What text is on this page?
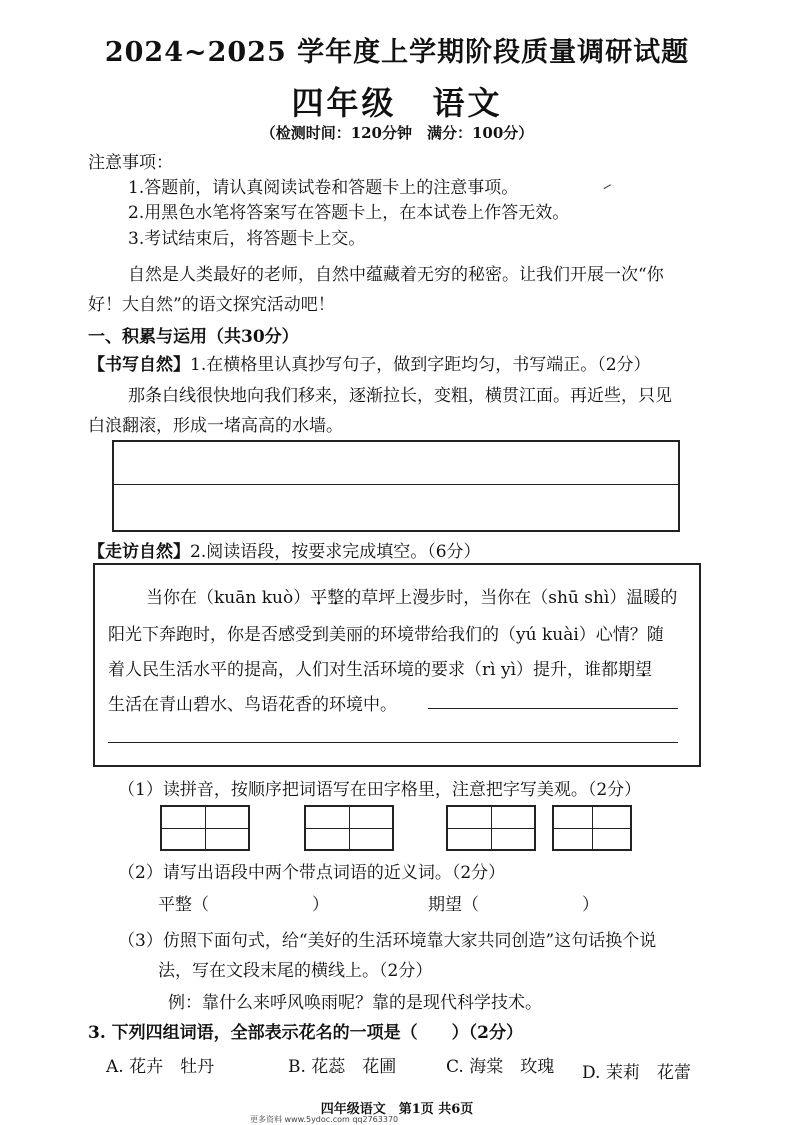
2024~2025 学年度上学期阶段质量调研试题
四年级 语文
（检测时间：120分钟　满分：100分）
注意事项：
1.答题前，请认真阅读试卷和答题卡上的注意事项。
2.用黑色水笔将答案写在答题卡上，在本试卷上作答无效。
3.考试结束后，将答题卡上交。
自然是人类最好的老师，自然中蕴藏着无穷的秘密。让我们开展一次“你
好！大自然”的语文探究活动吧！
一、积累与运用（共30分）
【书写自然】1.在横格里认真抄写句子，做到字距均匀，书写端正。（2分）
那条白线很快地向我们移来，逐渐拉长，变粗，横贯江面。再近些，只见
白浪翻滚，形成一堵高高的水墙。
【走访自然】2.阅读语段，按要求完成填空。（6分）
当你在（kuān kuò）平整的草坪上漫步时，当你在（shū shì）温暖的
阳光下奔跑时，你是否感受到美丽的环境带给我们的（yú kuài）心情？随
着人民生活水平的提高，人们对生活环境的要求（rì yì）提升，谁都期望
生活在青山碧水、鸟语花香的环境中。
（1）读拼音，按顺序把词语写在田字格里，注意把字写美观。（2分）
（2）请写出语段中两个带点词语的近义词。（2分）
平整（	）	期望（	）
（3）仿照下面句式，给“美好的生活环境靠大家共同创造”这句话换个说
法，写在文段末尾的横线上。（2分）
例：靠什么来呼风唤雨呢？靠的是现代科学技术。
3. 下列四组词语，全部表示花名的一项是（　　）（2分）
A. 花卉　牡丹	B. 花蕊　花圃	C. 海棠　玫瑰 D. 茉莉　花蕾
四年级语文　第1页 共6页
更多资料 www.5ydoc.com qq2763370
